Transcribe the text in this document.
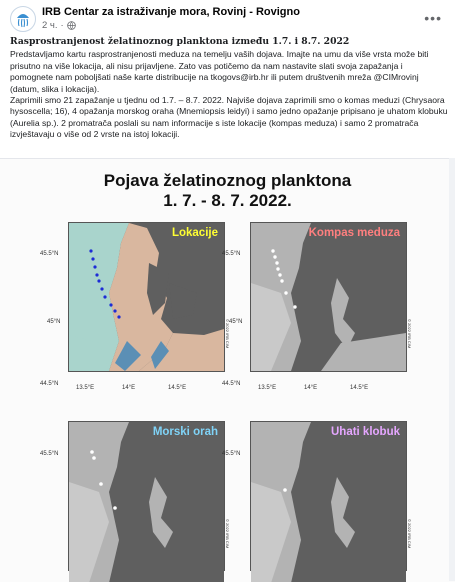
IRB Centar za istraživanje mora, Rovinj - Rovigno
2 ч. ·	•••

Rasprostranjenost želatinoznog planktona između 1.7. i 8.7. 2022

Predstavljamo kartu rasprostranjenosti meduza na temelju vaših dojava. Imajte na umu da više vrsta može biti prisutno na više lokacija, ali nisu prijavljene. Zato vas potičemo da nam nastavite slati svoja zapažanja i pomognete nam poboljšati naše karte distribucije na tkogovs@irb.hr ili putem društvenih mreža @CIMrovinj (datum, slika i lokacija).

Zaprimili smo 21 zapažanje u tjednu od 1.7. – 8.7. 2022. Najviše dojava zaprimili smo o komas meduzi (Chrysaora hysoscella; 16), 4 opažanja morskog oraha (Mnemiopsis leidyi) i samo jedno opažanje pripisano je uhatom klobuku (Aurelia sp.). 2 promatrača poslali su nam informacije s iste lokacije (kompas meduza) i samo 2 promatrača izvještavaju o više od 2 vrste na istoj lokaciji.

Pojava želatinoznog planktona
1. 7. - 8. 7. 2022.
Lokacije	Kompas meduza
Morski orah	Uhati klobuk
45.5°N
45°N
44.5°N
45.5°N
45°N
44.5°N
45.5°N	45.5°N
13.5°E	14°E	14.5°E	13.5°E	14°E	14.5°E
© 2022 IRB CIM	© 2022 IRB CIM
© 2022 IRB CIM	© 2022 IRB CIM
